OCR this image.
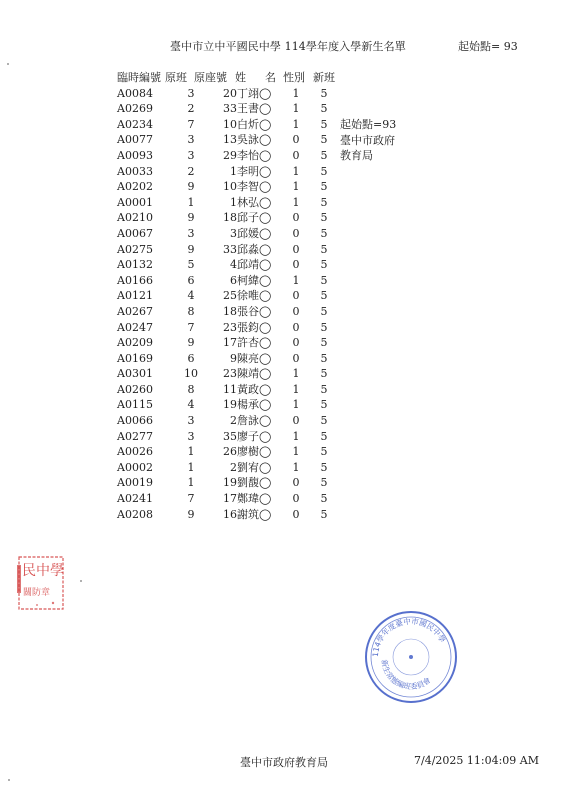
臺中市立中平國民中學 114學年度入學新生名單	起始點= 93
臨時編號 原班 原座號 姓 名 性別 新班
A0084	3	20 丁翊◯ 1	5
A0269	2	33 王書◯ 1	5
A0234	7	10 白炘◯ 1	5
A0077	3	13 吳詠◯ 0	5
A0093	3	29 李怡◯ 0	5
A0033	2	1 李明◯ 1	5
A0202	9	10 李智◯ 1	5
A0001	1	1 林弘◯ 1	5
A0210	9	18 邱子◯ 0	5
A0067	3	3 邱媛◯ 0	5
A0275	9	33 邱淼◯ 0	5
A0132	5	4 邱靖◯ 0	5
A0166	6	6 柯緯◯ 1	5
A0121	4	25 徐唯◯ 0	5
A0267	8	18 張谷◯ 0	5
A0247	7	23 張鈞◯ 0	5
A0209	9	17 許杏◯ 0	5
A0169	6	9 陳亮◯ 0	5
A0301	10	23 陳靖◯ 1	5
A0260	8	11 黃政◯ 1	5
A0115	4	19 楊承◯ 1	5
A0066	3	2 詹詠◯ 0	5
A0277	3	35 廖子◯ 1	5
A0026	1	26 廖樹◯ 1	5
A0002	1	2 劉宥◯ 1	5
A0019	1	19 劉馥◯ 0	5
A0241	7	17 鄭瑋◯ 0	5
A0208	9	16 謝筑◯ 0	5
起始點=93
臺中市政府
教育局
民中學
關防章
114學年度臺中市國民中學
新生常態編班委員會
臺中市政府教育局	7/4/2025 11:04:09 AM
